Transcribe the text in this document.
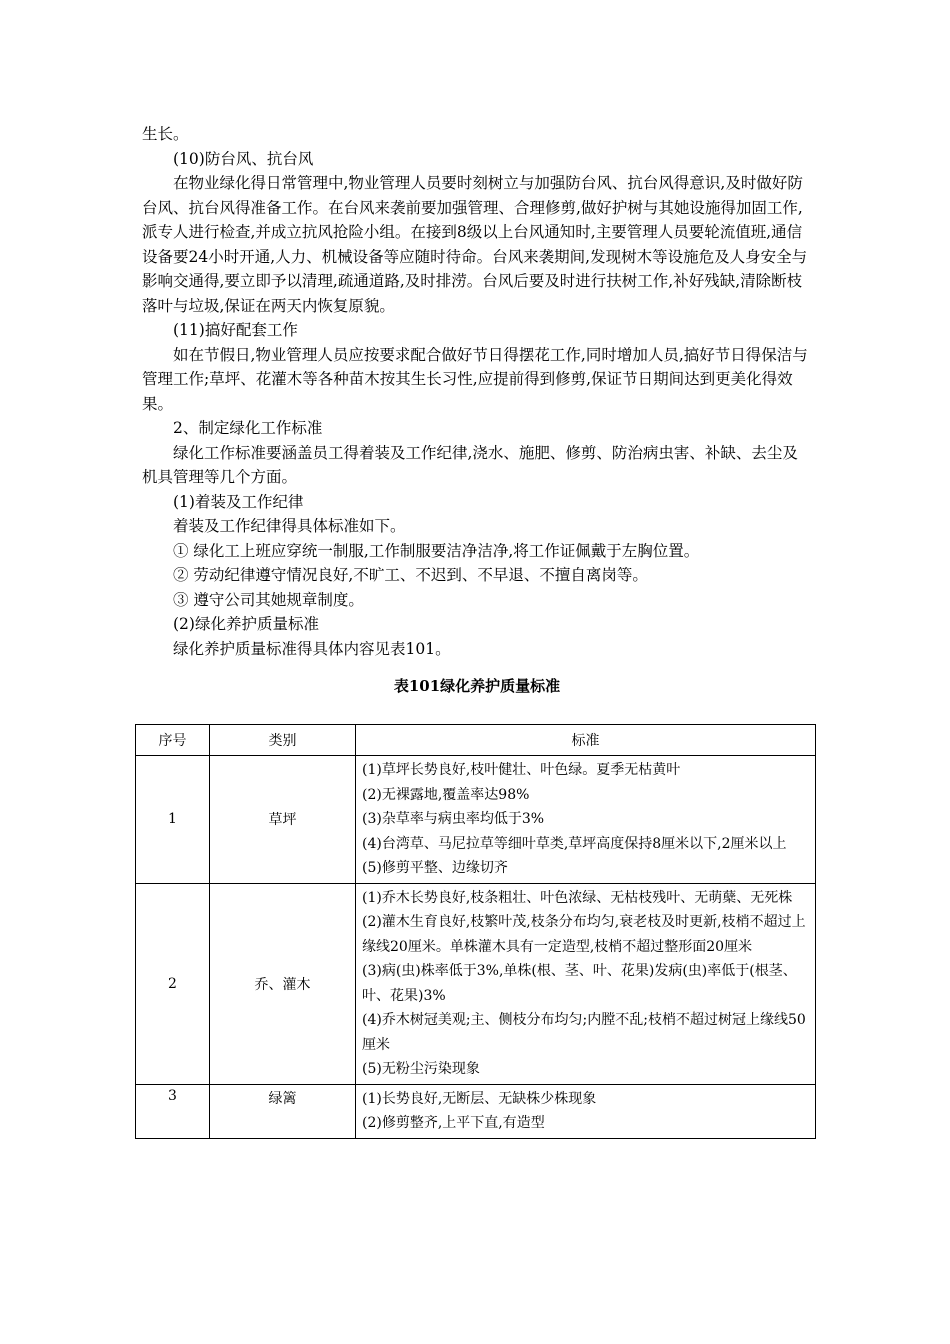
生长。

(10)防台风、抗台风

在物业绿化得日常管理中,物业管理人员要时刻树立与加强防台风、抗台风得意识,及时做好防台风、抗台风得准备工作。在台风来袭前要加强管理、合理修剪,做好护树与其她设施得加固工作,派专人进行检查,并成立抗风抢险小组。在接到8级以上台风通知时,主要管理人员要轮流值班,通信设备要24小时开通,人力、机械设备等应随时待命。台风来袭期间,发现树木等设施危及人身安全与影响交通得,要立即予以清理,疏通道路,及时排涝。台风后要及时进行扶树工作,补好残缺,清除断枝落叶与垃圾,保证在两天内恢复原貌。

(11)搞好配套工作

如在节假日,物业管理人员应按要求配合做好节日得摆花工作,同时增加人员,搞好节日得保洁与管理工作;草坪、花灌木等各种苗木按其生长习性,应提前得到修剪,保证节日期间达到更美化得效果。

2、制定绿化工作标准

绿化工作标准要涵盖员工得着装及工作纪律,浇水、施肥、修剪、防治病虫害、补缺、去尘及机具管理等几个方面。

(1)着装及工作纪律

着装及工作纪律得具体标准如下。

① 绿化工上班应穿统一制服,工作制服要洁净洁净,将工作证佩戴于左胸位置。

② 劳动纪律遵守情况良好,不旷工、不迟到、不早退、不擅自离岗等。

③ 遵守公司其她规章制度。

(2)绿化养护质量标准

绿化养护质量标准得具体内容见表101。

表101绿化养护质量标准
序号	类别	标准
1	草坪	(1)草坪长势良好,枝叶健壮、叶色绿。夏季无枯黄叶
(2)无裸露地,覆盖率达98%
(3)杂草率与病虫率均低于3%
(4)台湾草、马尼拉草等细叶草类,草坪高度保持8厘米以下,2厘米以上
(5)修剪平整、边缘切齐

2	乔、灌木	(1)乔木长势良好,枝条粗壮、叶色浓绿、无枯枝残叶、无萌蘖、无死株
(2)灌木生育良好,枝繁叶茂,枝条分布均匀,衰老枝及时更新,枝梢不超过上缘线20厘米。单株灌木具有一定造型,枝梢不超过整形面20厘米
(3)病(虫)株率低于3%,单株(根、茎、叶、花果)发病(虫)率低于(根茎、叶、花果)3%
(4)乔木树冠美观;主、侧枝分布均匀;内膛不乱;枝梢不超过树冠上缘线50厘米
(5)无粉尘污染现象

3	绿篱	(1)长势良好,无断层、无缺株少株现象
(2)修剪整齐,上平下直,有造型
